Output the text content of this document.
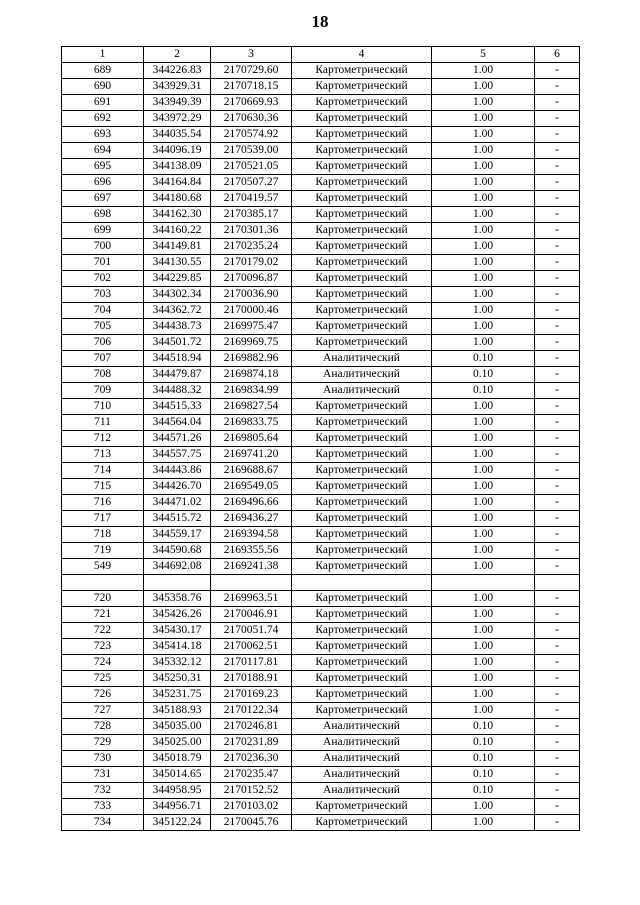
18
1	2	3	4	5	6
689	344226.83	2170729.60	Картометрический	1.00	-
690	343929.31	2170718.15	Картометрический	1.00	-
691	343949.39	2170669.93	Картометрический	1.00	-
692	343972.29	2170630.36	Картометрический	1.00	-
693	344035.54	2170574.92	Картометрический	1.00	-
694	344096.19	2170539.00	Картометрический	1.00	-
695	344138.09	2170521.05	Картометрический	1.00	-
696	344164.84	2170507.27	Картометрический	1.00	-
697	344180.68	2170419.57	Картометрический	1.00	-
698	344162.30	2170385.17	Картометрический	1.00	-
699	344160.22	2170301.36	Картометрический	1.00	-
700	344149.81	2170235.24	Картометрический	1.00	-
701	344130.55	2170179.02	Картометрический	1.00	-
702	344229.85	2170096.87	Картометрический	1.00	-
703	344302.34	2170036.90	Картометрический	1.00	-
704	344362.72	2170000.46	Картометрический	1.00	-
705	344438.73	2169975.47	Картометрический	1.00	-
706	344501.72	2169969.75	Картометрический	1.00	-
707	344518.94	2169882.96	Аналитический	0.10	-
708	344479.87	2169874.18	Аналитический	0.10	-
709	344488.32	2169834.99	Аналитический	0.10	-
710	344515.33	2169827.54	Картометрический	1.00	-
711	344564.04	2169833.75	Картометрический	1.00	-
712	344571.26	2169805.64	Картометрический	1.00	-
713	344557.75	2169741.20	Картометрический	1.00	-
714	344443.86	2169688.67	Картометрический	1.00	-
715	344426.70	2169549.05	Картометрический	1.00	-
716	344471.02	2169496.66	Картометрический	1.00	-
717	344515.72	2169436.27	Картометрический	1.00	-
718	344559.17	2169394.58	Картометрический	1.00	-
719	344590.68	2169355.56	Картометрический	1.00	-
549	344692.08	2169241.38	Картометрический	1.00	-

720	345358.76	2169963.51	Картометрический	1.00	-
721	345426.26	2170046.91	Картометрический	1.00	-
722	345430.17	2170051.74	Картометрический	1.00	-
723	345414.18	2170062.51	Картометрический	1.00	-
724	345332.12	2170117.81	Картометрический	1.00	-
725	345250.31	2170188.91	Картометрический	1.00	-
726	345231.75	2170169.23	Картометрический	1.00	-
727	345188.93	2170122.34	Картометрический	1.00	-
728	345035.00	2170246.81	Аналитический	0.10	-
729	345025.00	2170231.89	Аналитический	0.10	-
730	345018.79	2170236.30	Аналитический	0.10	-
731	345014.65	2170235.47	Аналитический	0.10	-
732	344958.95	2170152.52	Аналитический	0.10	-
733	344956.71	2170103.02	Картометрический	1.00	-
734	345122.24	2170045.76	Картометрический	1.00	-
